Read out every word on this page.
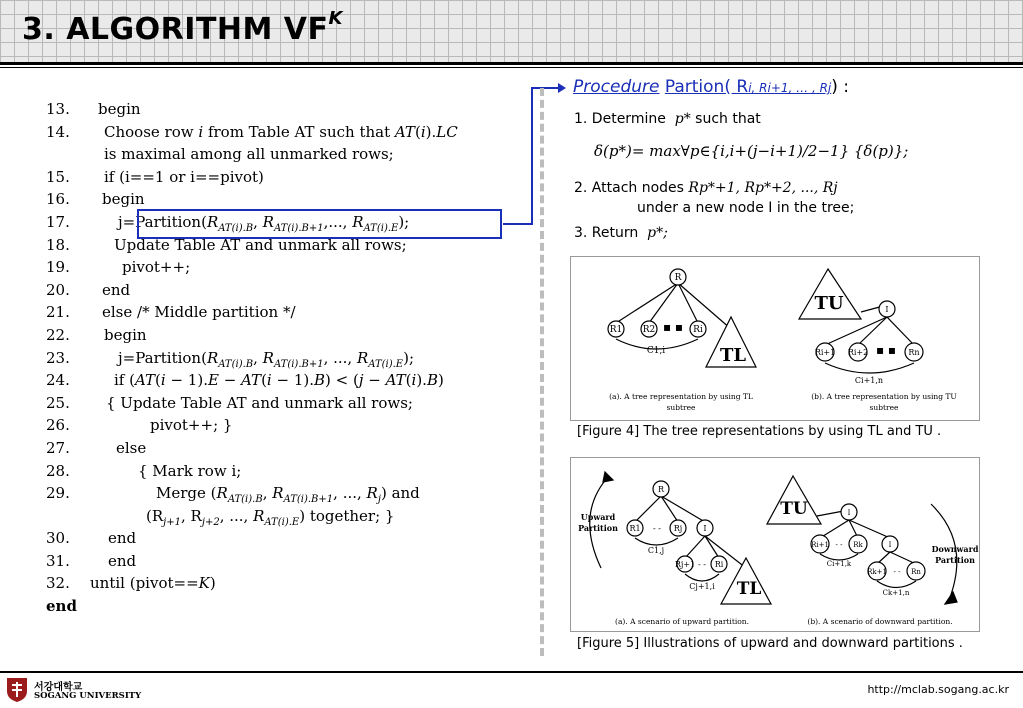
3. ALGORITHM $VF^K$
13.	begin
14.	Choose row i from Table AT such that AT(i).LC
is maximal among all unmarked rows;
15.	if (i==1 or i==pivot)
16.	begin
17.	$j=Partition(R_{AT(i).B}$, $R_{AT(i).B+1}$,..., $R_{AT(i).E}$);
18.	Update Table AT and unmark all rows;
19.	pivot++;
20.	end
21.	else /* Middle partition */
22.	begin
23.	$j=Partition(R_{AT(i).B}$, $R_{AT(i).B+1}$, ..., $R_{AT(i).E}$);
24.	if (AT(i − 1).E − AT(i − 1).B) < (j − AT(i).B)
25.	{ Update Table AT and unmark all rows;
26.	pivot++; }
27.	else
28.	{ Mark row i;
29.	Merge ($R_{AT(i).B}$, $R_{AT(i).B+1}$, ..., $R_j$) and
($R_{j+1}$, $R_{j+2}$, ..., $R_{AT(i).E}$) together; }
30.	end
31.	end
32.	until (pivot==K)
end
Procedure Partion( Ri, Ri+1, … , Rj) :
1. Determine p* such that
δ(p*)= max∀p∈{i,i+(j−i+1)/2−1} {δ(p)};
2. Attach nodes Rp*+1, Rp*+2, ..., Rj
under a new node I in the tree;
3. Return p*;
R
R1 R2	Ri
▪ ▪
C1,i	TL
I
Ri+1 Ri+2	Rn
▪ ▪
Ci+1,n
TU
(a). A tree representation by using TL
subtree
(b). A tree representation by using TU
subtree
[Figure 4] The tree representations by using TL and TU .
R
R1	Rj	I
- -
- -
Rj+1 Ri
C1,j
Cj+1,i TL
Upward
Partition
I
Ri+1	Rk	I
- -
- -
Rk+1	Rn
Ci+1,k
Ck+1,n
TU
Downward
Partition
(a). A scenario of upward partition.	(b). A scenario of downward partition.
[Figure 5] Illustrations of upward and downward partitions .
서강대학교
SOGANG UNIVERSITY	http://mclab.sogang.ac.kr
